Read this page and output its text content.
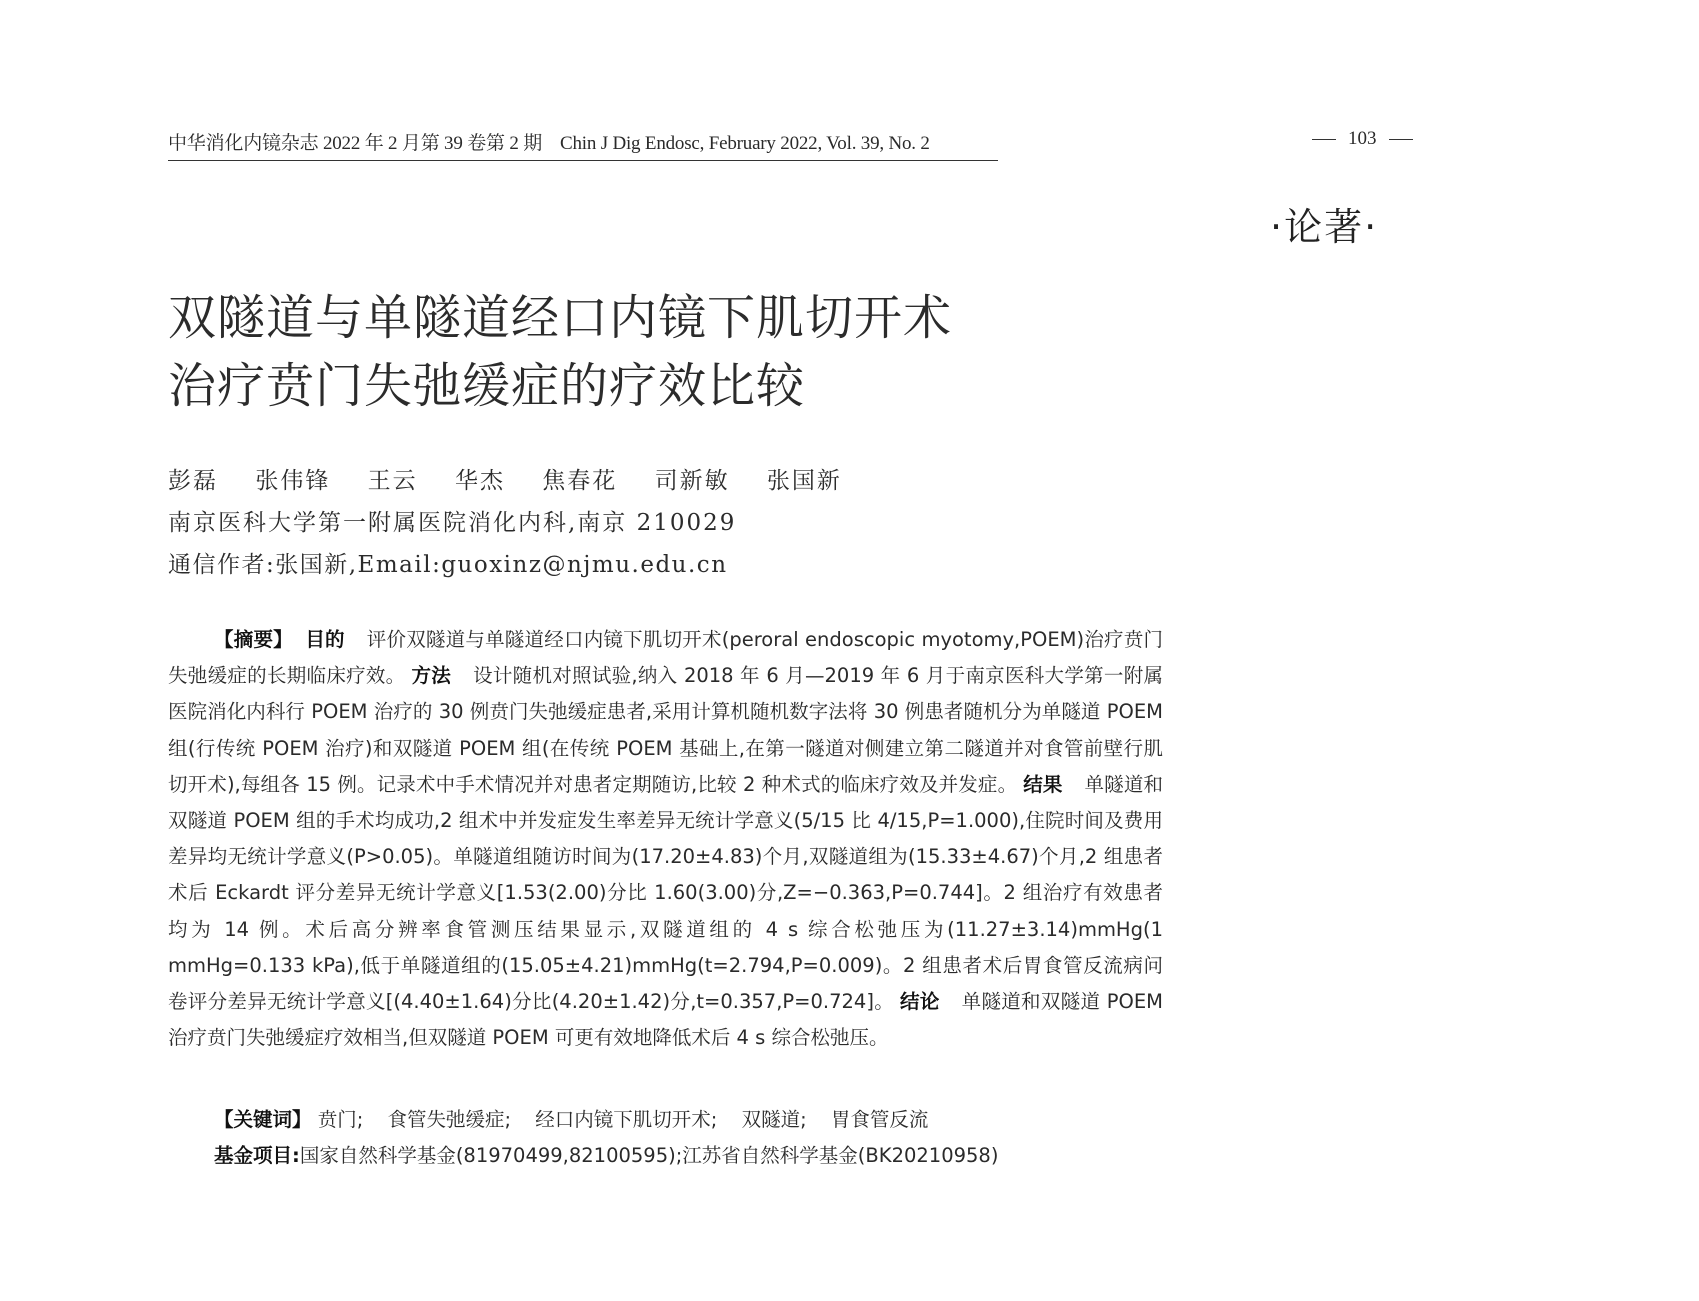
中华消化内镜杂志 2022 年 2 月第 39 卷第 2 期 Chin J Dig Endosc, February 2022, Vol. 39, No. 2	103
·论著·
双隧道与单隧道经口内镜下肌切开术
治疗贲门失弛缓症的疗效比较
彭磊 张伟锋 王云 华杰 焦春花 司新敏 张国新
南京医科大学第一附属医院消化内科,南京 210029
通信作者:张国新,Email:guoxinz@njmu.edu.cn

【摘要】 目的 评价双隧道与单隧道经口内镜下肌切开术(peroral endoscopic myotomy,POEM)治疗贲门失弛缓症的长期临床疗效。 方法 设计随机对照试验,纳入 2018 年 6 月—2019 年 6 月于南京医科大学第一附属医院消化内科行 POEM 治疗的 30 例贲门失弛缓症患者,采用计算机随机数字法将 30 例患者随机分为单隧道 POEM 组(行传统 POEM 治疗)和双隧道 POEM 组(在传统 POEM 基础上,在第一隧道对侧建立第二隧道并对食管前壁行肌切开术),每组各 15 例。记录术中手术情况并对患者定期随访,比较 2 种术式的临床疗效及并发症。 结果 单隧道和双隧道 POEM 组的手术均成功,2 组术中并发症发生率差异无统计学意义(5/15 比 4/15,P=1.000),住院时间及费用差异均无统计学意义(P>0.05)。单隧道组随访时间为(17.20±4.83)个月,双隧道组为(15.33±4.67)个月,2 组患者术后 Eckardt 评分差异无统计学意义[1.53(2.00)分比 1.60(3.00)分,Z=−0.363,P=0.744]。2 组治疗有效患者均为 14 例。术后高分辨率食管测压结果显示,双隧道组的 4 s 综合松弛压为(11.27±3.14)mmHg(1 mmHg=0.133 kPa),低于单隧道组的(15.05±4.21)mmHg(t=2.794,P=0.009)。2 组患者术后胃食管反流病问卷评分差异无统计学意义[(4.40±1.64)分比(4.20±1.42)分,t=0.357,P=0.724]。 结论 单隧道和双隧道 POEM 治疗贲门失弛缓症疗效相当,但双隧道 POEM 可更有效地降低术后 4 s 综合松弛压。

【关键词】 贲门; 食管失弛缓症; 经口内镜下肌切开术; 双隧道; 胃食管反流
基金项目:国家自然科学基金(81970499,82100595);江苏省自然科学基金(BK20210958)
